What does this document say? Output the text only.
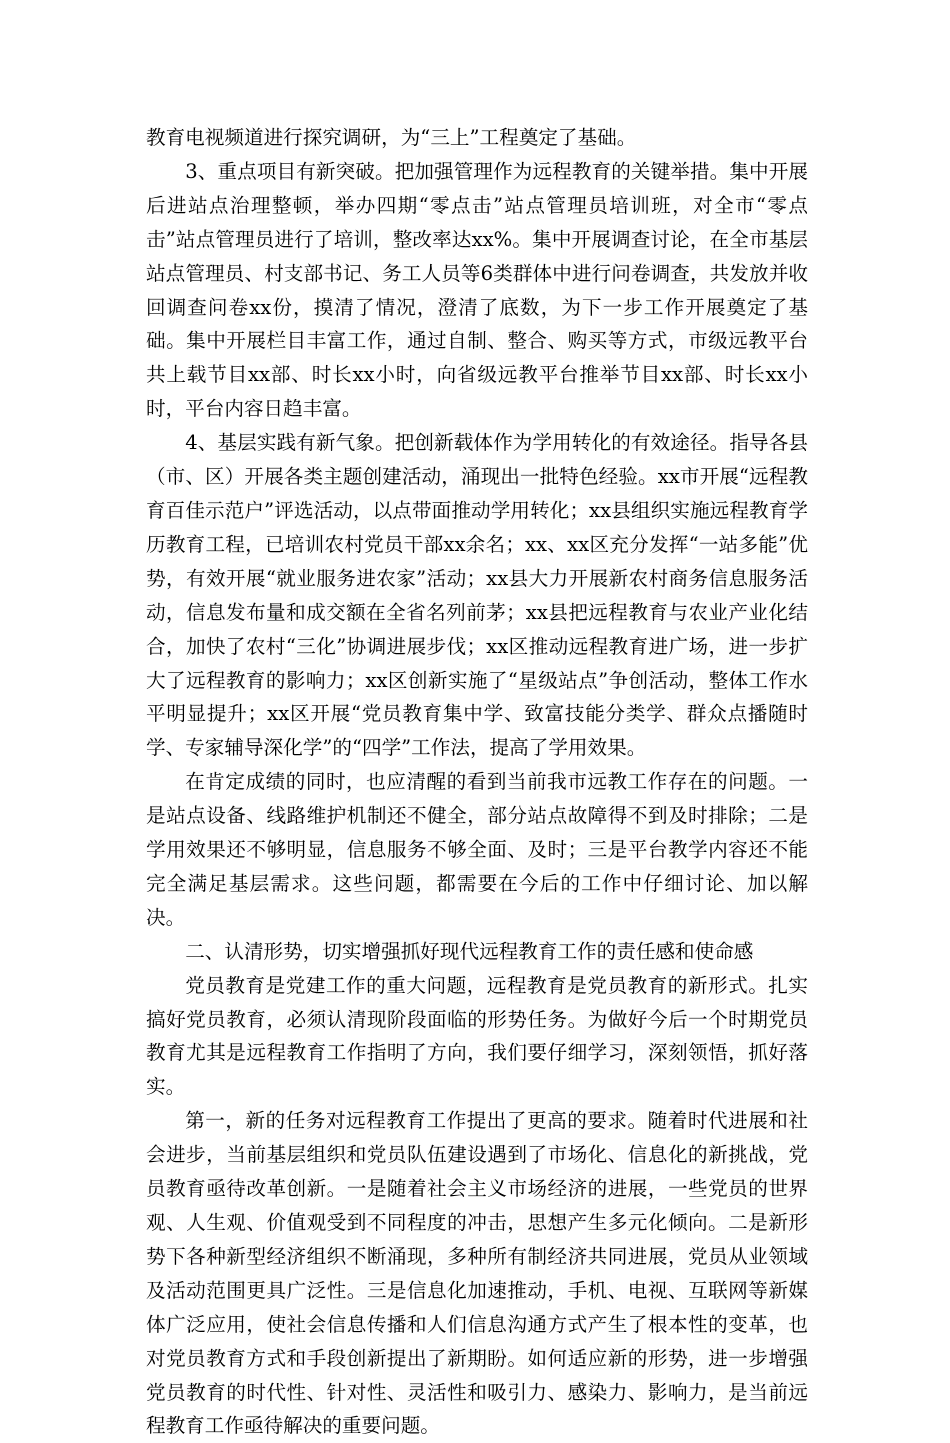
教育电视频道进行探究调研，为“三上”工程奠定了基础。

3、重点项目有新突破。把加强管理作为远程教育的关键举措。集中开展后进站点治理整顿，举办四期“零点击”站点管理员培训班，对全市“零点击”站点管理员进行了培训，整改率达xx%。集中开展调查讨论，在全市基层站点管理员、村支部书记、务工人员等6类群体中进行问卷调查，共发放并收回调查问卷xx份，摸清了情况，澄清了底数，为下一步工作开展奠定了基础。集中开展栏目丰富工作，通过自制、整合、购买等方式，市级远教平台共上载节目xx部、时长xx小时，向省级远教平台推举节目xx部、时长xx小时，平台内容日趋丰富。

4、基层实践有新气象。把创新载体作为学用转化的有效途径。指导各县（市、区）开展各类主题创建活动，涌现出一批特色经验。xx市开展“远程教育百佳示范户”评选活动，以点带面推动学用转化；xx县组织实施远程教育学历教育工程，已培训农村党员干部xx余名；xx、xx区充分发挥“一站多能”优势，有效开展“就业服务进农家”活动；xx县大力开展新农村商务信息服务活动，信息发布量和成交额在全省名列前茅；xx县把远程教育与农业产业化结合，加快了农村“三化”协调进展步伐；xx区推动远程教育进广场，进一步扩大了远程教育的影响力；xx区创新实施了“星级站点”争创活动，整体工作水平明显提升；xx区开展“党员教育集中学、致富技能分类学、群众点播随时学、专家辅导深化学”的“四学”工作法，提高了学用效果。

在肯定成绩的同时，也应清醒的看到当前我市远教工作存在的问题。一是站点设备、线路维护机制还不健全，部分站点故障得不到及时排除；二是学用效果还不够明显，信息服务不够全面、及时；三是平台教学内容还不能完全满足基层需求。这些问题，都需要在今后的工作中仔细讨论、加以解决。

二、认清形势，切实增强抓好现代远程教育工作的责任感和使命感

党员教育是党建工作的重大问题，远程教育是党员教育的新形式。扎实搞好党员教育，必须认清现阶段面临的形势任务。为做好今后一个时期党员教育尤其是远程教育工作指明了方向，我们要仔细学习，深刻领悟，抓好落实。

第一，新的任务对远程教育工作提出了更高的要求。随着时代进展和社会进步，当前基层组织和党员队伍建设遇到了市场化、信息化的新挑战，党员教育亟待改革创新。一是随着社会主义市场经济的进展，一些党员的世界观、人生观、价值观受到不同程度的冲击，思想产生多元化倾向。二是新形势下各种新型经济组织不断涌现，多种所有制经济共同进展，党员从业领域及活动范围更具广泛性。三是信息化加速推动，手机、电视、互联网等新媒体广泛应用，使社会信息传播和人们信息沟通方式产生了根本性的变革，也对党员教育方式和手段创新提出了新期盼。如何适应新的形势，进一步增强党员教育的时代性、针对性、灵活性和吸引力、感染力、影响力，是当前远程教育工作亟待解决的重要问题。
